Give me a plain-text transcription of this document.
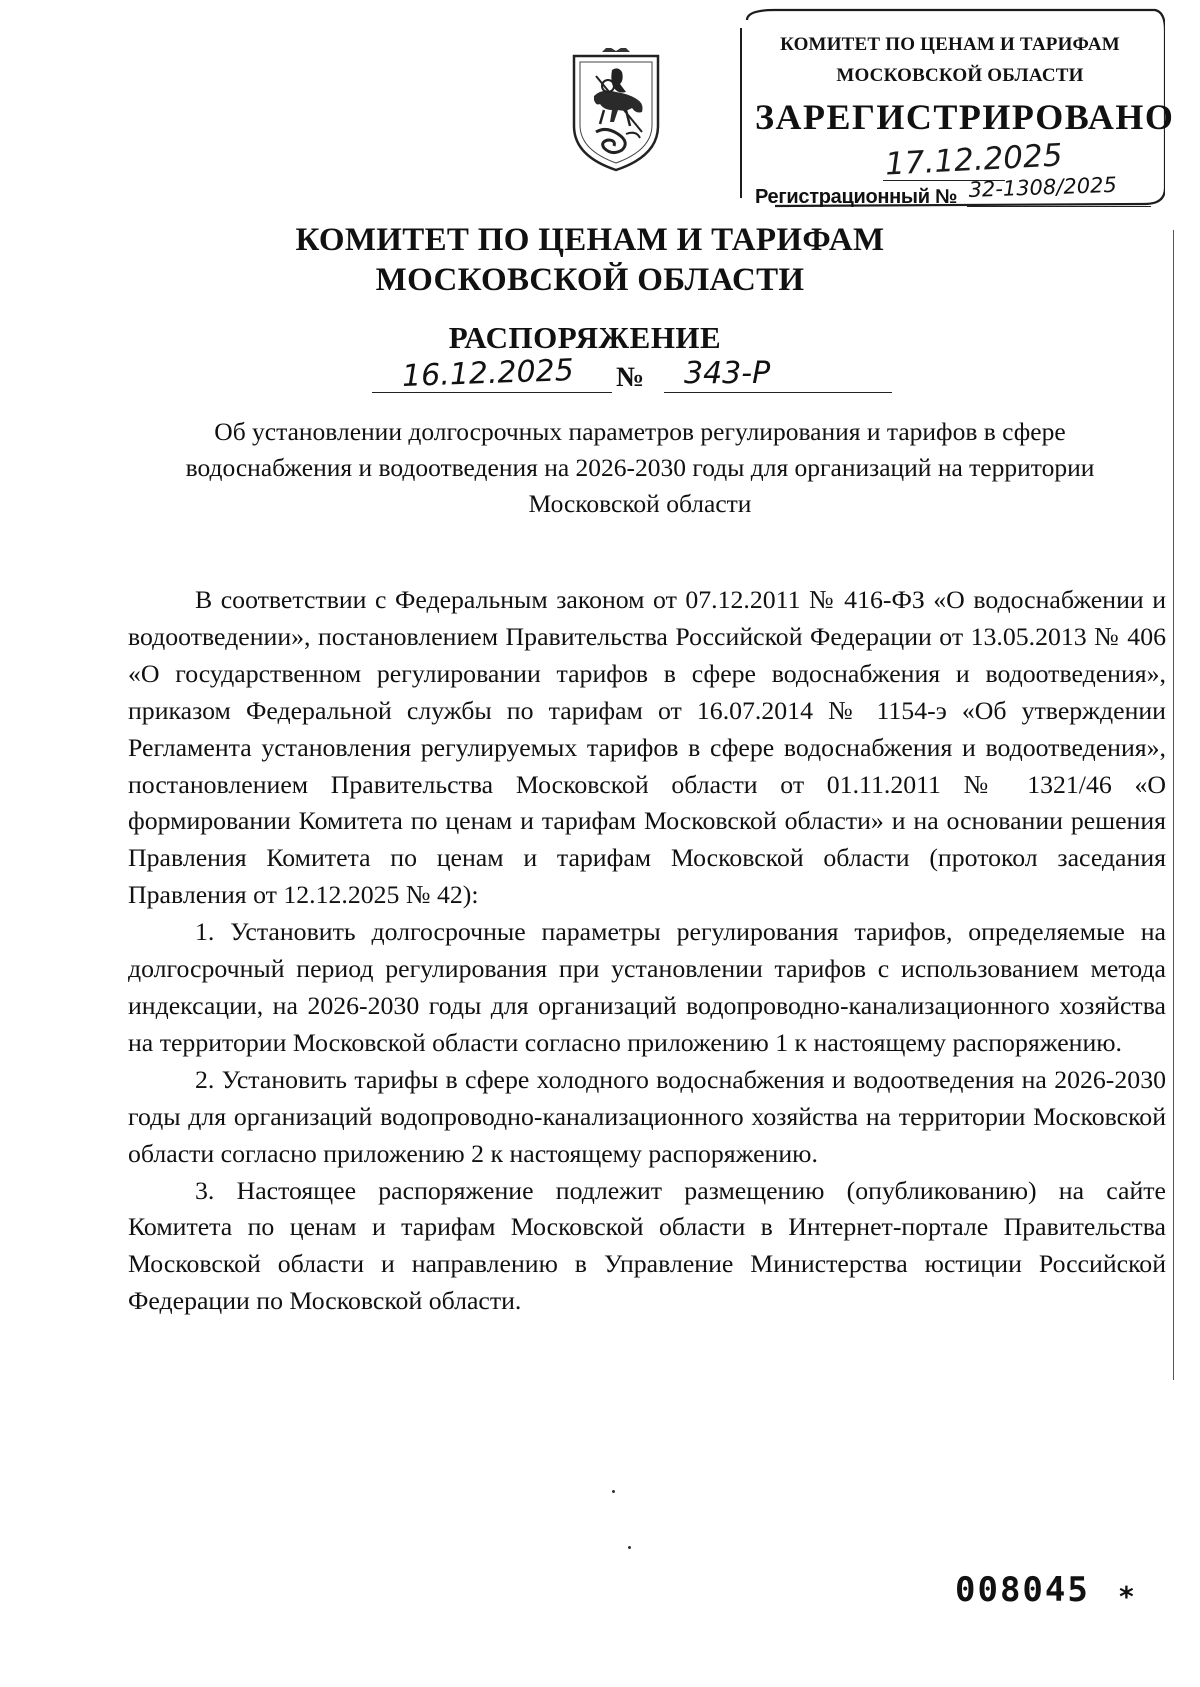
КОМИТЕТ ПО ЦЕНАМ И ТАРИФАМ
МОСКОВСКОЙ ОБЛАСТИ
ЗАРЕГИСТРИРОВАНО
17.12.2025
Регистрационный № 32-1308/2025
КОМИТЕТ ПО ЦЕНАМ И ТАРИФАМ
МОСКОВСКОЙ ОБЛАСТИ
РАСПОРЯЖЕНИЕ
16.12.2025 № 343-Р
Об установлении долгосрочных параметров регулирования и тарифов в сфере водоснабжения и водоотведения на 2026-2030 годы для организаций на территории Московской области

В соответствии с Федеральным законом от 07.12.2011 № 416-ФЗ «О водоснабжении и водоотведении», постановлением Правительства Российской Федерации от 13.05.2013 № 406 «О государственном регулировании тарифов в сфере водоснабжения и водоотведения», приказом Федеральной службы по тарифам от 16.07.2014 № 1154-э «Об утверждении Регламента установления регулируемых тарифов в сфере водоснабжения и водоотведения», постановлением Правительства Московской области от 01.11.2011 № 1321/46 «О формировании Комитета по ценам и тарифам Московской области» и на основании решения Правления Комитета по ценам и тарифам Московской области (протокол заседания Правления от 12.12.2025 № 42):

1. Установить долгосрочные параметры регулирования тарифов, определяемые на долгосрочный период регулирования при установлении тарифов с использованием метода индексации, на 2026-2030 годы для организаций водопроводно-канализационного хозяйства на территории Московской области согласно приложению 1 к настоящему распоряжению.

2. Установить тарифы в сфере холодного водоснабжения и водоотведения на 2026-2030 годы для организаций водопроводно-канализационного хозяйства на территории Московской области согласно приложению 2 к настоящему распоряжению.

3. Настоящее распоряжение подлежит размещению (опубликованию) на сайте Комитета по ценам и тарифам Московской области в Интернет-портале Правительства Московской области и направлению в Управление Министерства юстиции Российской Федерации по Московской области.

008045 *
